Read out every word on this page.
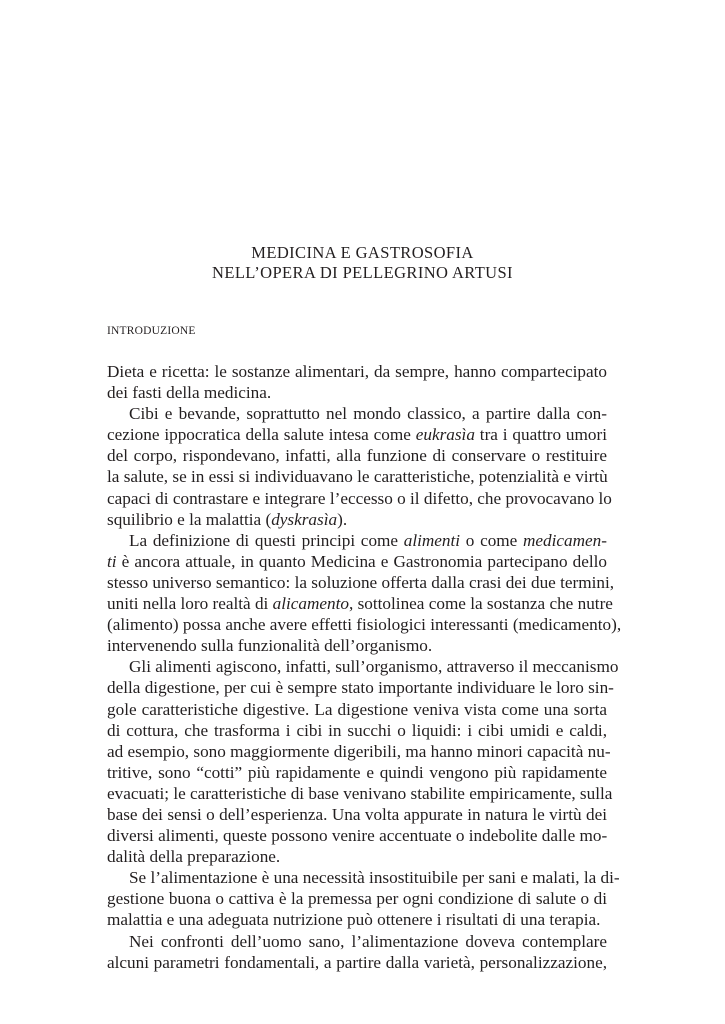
MEDICINA E GASTROSOFIA
NELL’OPERA DI PELLEGRINO ARTUSI
INTRODUZIONE
Dieta e ricetta: le sostanze alimentari, da sempre, hanno compartecipato
dei fasti della medicina.
Cibi e bevande, soprattutto nel mondo classico, a partire dalla con-
cezione ippocratica della salute intesa come eukrasìa tra i quattro umori
del corpo, rispondevano, infatti, alla funzione di conservare o restituire
la salute, se in essi si individuavano le caratteristiche, potenzialità e virtù
capaci di contrastare e integrare l’eccesso o il difetto, che provocavano lo
squilibrio e la malattia (dyskrasìa).
La definizione di questi principi come alimenti o come medicamen-
ti è ancora attuale, in quanto Medicina e Gastronomia partecipano dello
stesso universo semantico: la soluzione offerta dalla crasi dei due termini,
uniti nella loro realtà di alicamento, sottolinea come la sostanza che nutre
(alimento) possa anche avere effetti fisiologici interessanti (medicamento),
intervenendo sulla funzionalità dell’organismo.
Gli alimenti agiscono, infatti, sull’organismo, attraverso il meccanismo
della digestione, per cui è sempre stato importante individuare le loro sin-
gole caratteristiche digestive. La digestione veniva vista come una sorta
di cottura, che trasforma i cibi in succhi o liquidi: i cibi umidi e caldi,
ad esempio, sono maggiormente digeribili, ma hanno minori capacità nu-
tritive, sono “cotti” più rapidamente e quindi vengono più rapidamente
evacuati; le caratteristiche di base venivano stabilite empiricamente, sulla
base dei sensi o dell’esperienza. Una volta appurate in natura le virtù dei
diversi alimenti, queste possono venire accentuate o indebolite dalle mo-
dalità della preparazione.
Se l’alimentazione è una necessità insostituibile per sani e malati, la di-
gestione buona o cattiva è la premessa per ogni condizione di salute o di
malattia e una adeguata nutrizione può ottenere i risultati di una terapia.
Nei confronti dell’uomo sano, l’alimentazione doveva contemplare
alcuni parametri fondamentali, a partire dalla varietà, personalizzazione,
